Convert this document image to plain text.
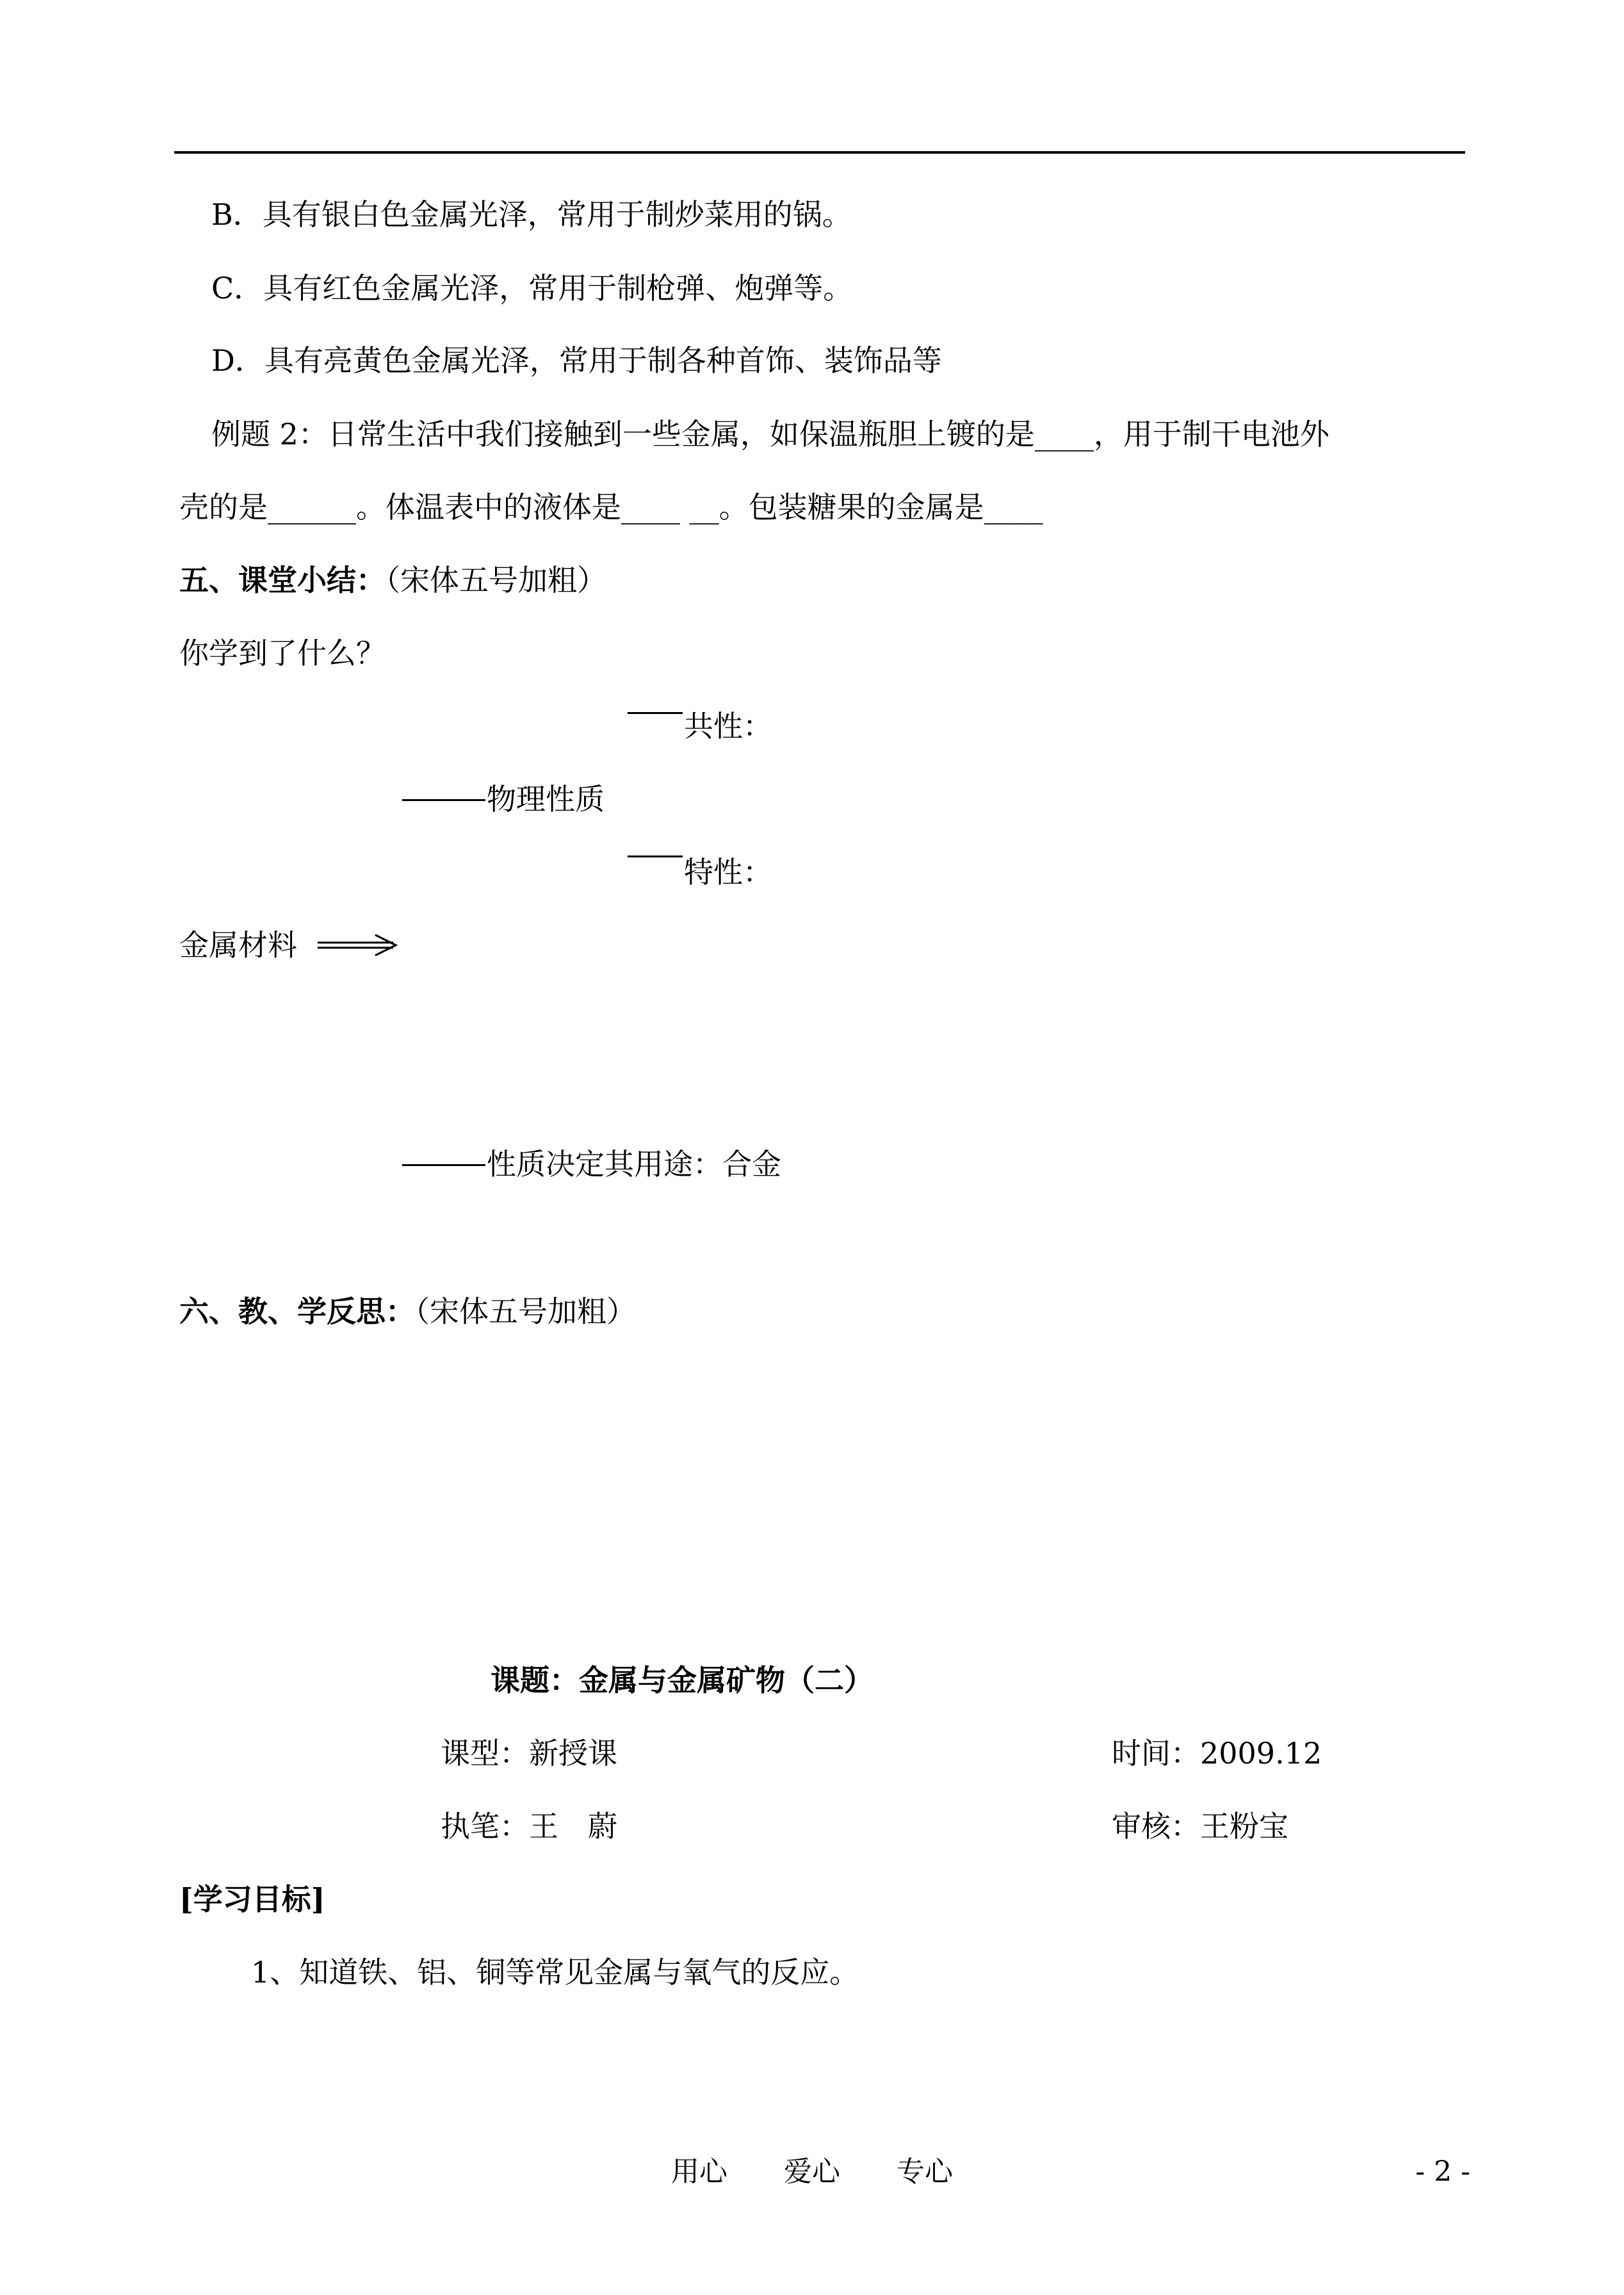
B．具有银白色金属光泽，常用于制炒菜用的锅。
C．具有红色金属光泽，常用于制枪弹、炮弹等。
D．具有亮黄色金属光泽，常用于制各种首饰、装饰品等
例题 2：日常生活中我们接触到一些金属，如保温瓶胆上镀的是____，用于制干电池外
壳的是______。体温表中的液体是____ __。包装糖果的金属是____
五、课堂小结：（宋体五号加粗）
你学到了什么？
共性：
物理性质
特性：
金属材料
性质决定其用途：合金
六、教、学反思：（宋体五号加粗）
课题：金属与金属矿物（二）
课型：新授课	时间：2009.12
执笔：王　蔚	审核：王粉宝
[学习目标]
1、知道铁、铝、铜等常见金属与氧气的反应。
用心　　爱心　　专心	- 2 -
